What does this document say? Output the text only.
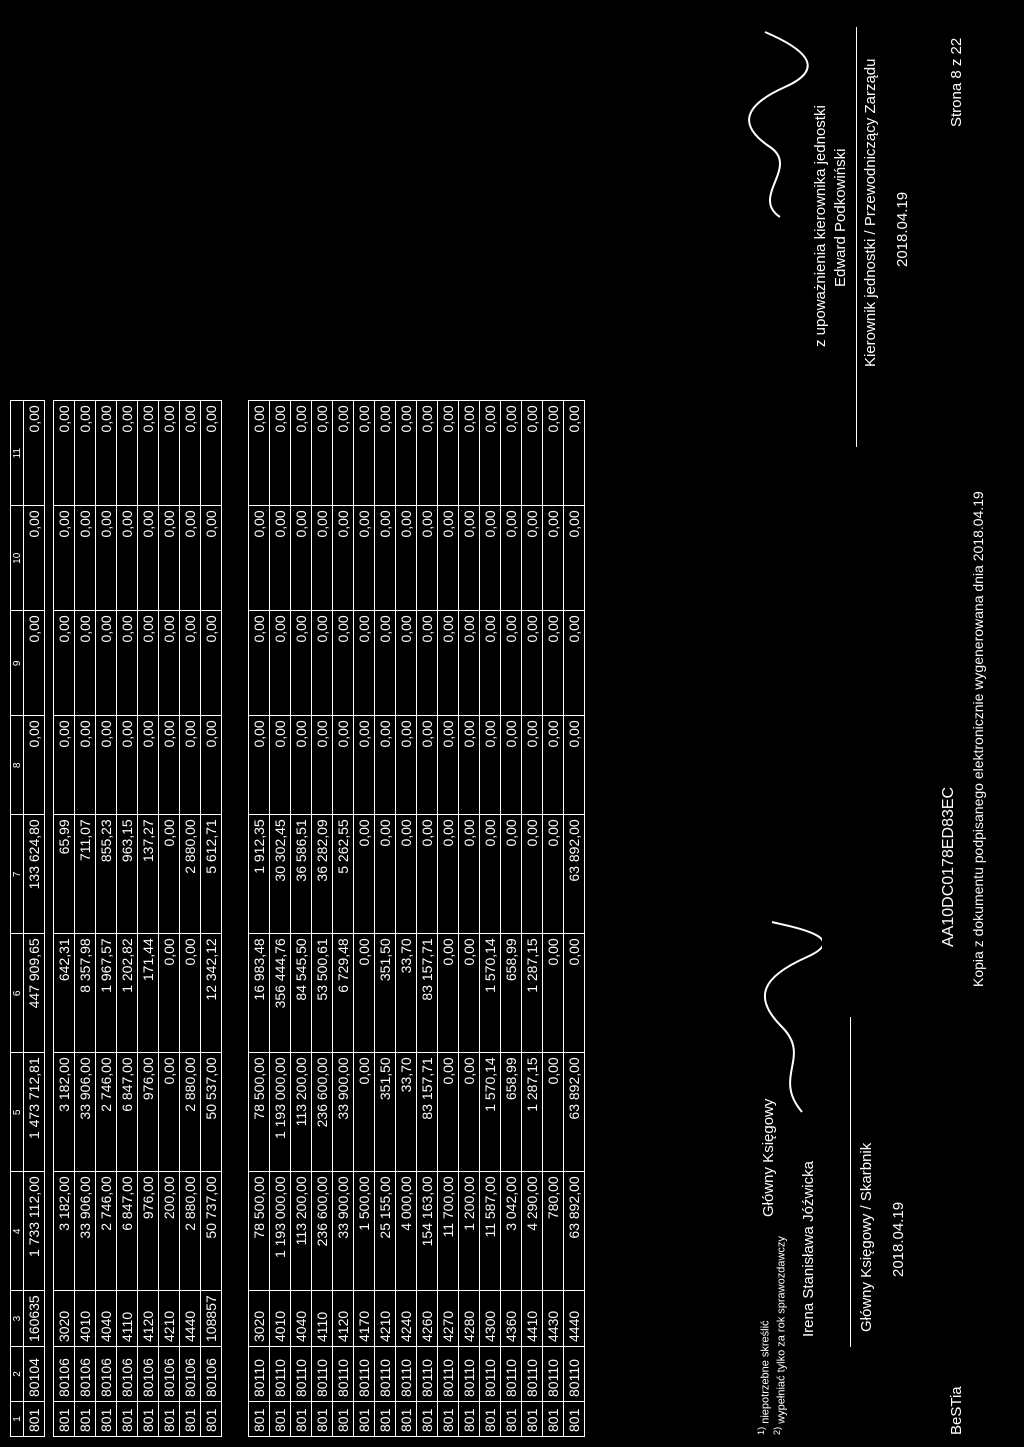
1	2	3	4	5	6	7	8	9	10	11
801	80104	160635	1 733 112,00	1 473 712,81	447 909,65	133 624,80	0,00	0,00	0,00	0,00

801	80106	3020	3 182,00	3 182,00	642,31	65,99	0,00	0,00	0,00	0,00
801	80106	4010	33 906,00	33 906,00	8 357,98	711,07	0,00	0,00	0,00	0,00
801	80106	4040	2 746,00	2 746,00	1 967,57	855,23	0,00	0,00	0,00	0,00
801	80106	4110	6 847,00	6 847,00	1 202,82	963,15	0,00	0,00	0,00	0,00
801	80106	4120	976,00	976,00	171,44	137,27	0,00	0,00	0,00	0,00
801	80106	4210	200,00	0,00	0,00	0,00	0,00	0,00	0,00	0,00
801	80106	4440	2 880,00	2 880,00	0,00	2 880,00	0,00	0,00	0,00	0,00
801	80106	108857	50 737,00	50 537,00	12 342,12	5 612,71	0,00	0,00	0,00	0,00

801	80110	3020	78 500,00	78 500,00	16 983,48	1 912,35	0,00	0,00	0,00	0,00
801	80110	4010	1 193 000,00	1 193 000,00	356 444,76	30 302,45	0,00	0,00	0,00	0,00
801	80110	4040	113 200,00	113 200,00	84 545,50	36 586,51	0,00	0,00	0,00	0,00
801	80110	4110	236 600,00	236 600,00	53 500,61	36 282,09	0,00	0,00	0,00	0,00
801	80110	4120	33 900,00	33 900,00	6 729,48	5 262,55	0,00	0,00	0,00	0,00
801	80110	4170	1 500,00	0,00	0,00	0,00	0,00	0,00	0,00	0,00
801	80110	4210	25 155,00	351,50	351,50	0,00	0,00	0,00	0,00	0,00
801	80110	4240	4 000,00	33,70	33,70	0,00	0,00	0,00	0,00	0,00
801	80110	4260	154 163,00	83 157,71	83 157,71	0,00	0,00	0,00	0,00	0,00
801	80110	4270	11 700,00	0,00	0,00	0,00	0,00	0,00	0,00	0,00
801	80110	4280	1 200,00	0,00	0,00	0,00	0,00	0,00	0,00	0,00
801	80110	4300	11 587,00	1 570,14	1 570,14	0,00	0,00	0,00	0,00	0,00
801	80110	4360	3 042,00	658,99	658,99	0,00	0,00	0,00	0,00	0,00
801	80110	4410	4 290,00	1 287,15	1 287,15	0,00	0,00	0,00	0,00	0,00
801	80110	4430	780,00	0,00	0,00	0,00	0,00	0,00	0,00	0,00
801	80110	4440	63 892,00	63 892,00	0,00	63 892,00	0,00	0,00	0,00	0,00
$^{1)}$ niepotrzebne skreślić
$^{2)}$ wypełniać tylko za rok sprawozdawczy
Główny Księgowy
Irena Stanisława Jóźwicka	Główny Księgowy / Skarbnik 2018.04.19
z upoważnienia kierownika jednostki Edward Podkowiński Kierownik jednostki / Przewodniczący Zarządu 2018.04.19
BeSTia
AA10DC0178ED83EC Kopia z dokumentu podpisanego elektronicznie wygenerowana dnia 2018.04.19
Strona 8 z 22
